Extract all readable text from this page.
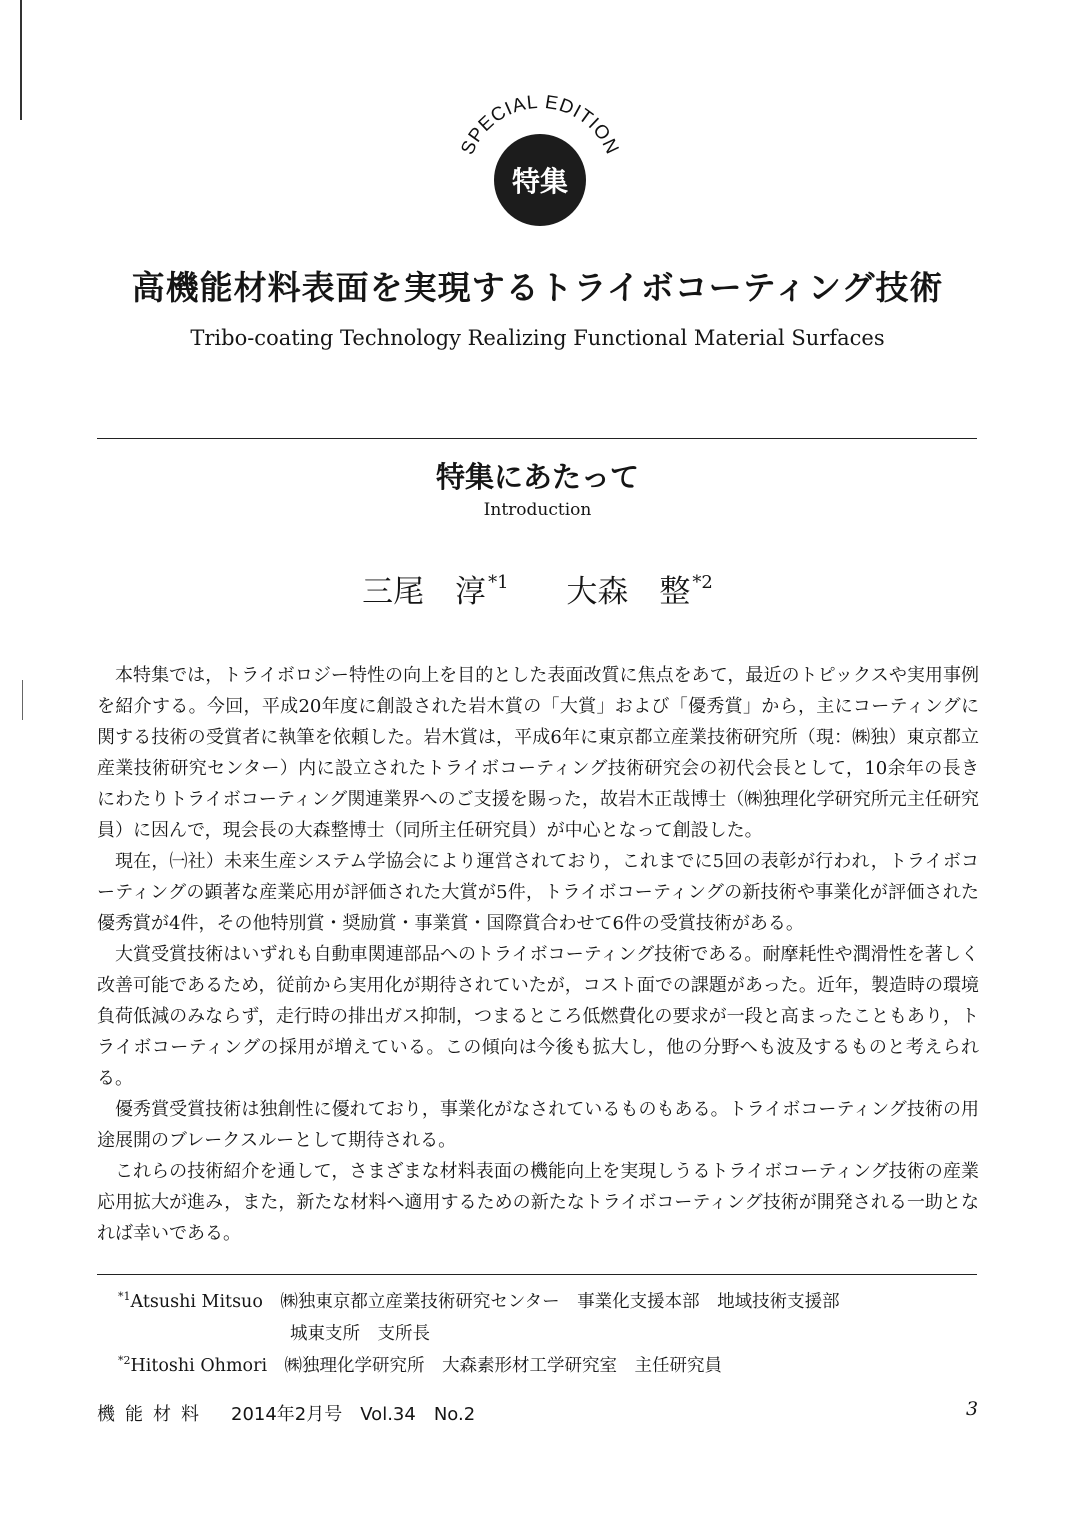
SPECIAL EDITION
特集
高機能材料表面を実現するトライボコーティング技術
Tribo-coating Technology Realizing Functional Material Surfaces
特集にあたって
Introduction
三尾　淳 $^{*1}$ 大森　整 $^{*2}$

本特集では，トライボロジー特性の向上を目的とした表面改質に焦点をあて，最近のトピックスや実用事例を紹介する。今回，平成20年度に創設された岩木賞の「大賞」および「優秀賞」から，主にコーティングに関する技術の受賞者に執筆を依頼した。岩木賞は，平成6年に東京都立産業技術研究所（現：㈱独）東京都立産業技術研究センター）内に設立されたトライボコーティング技術研究会の初代会長として，10余年の長きにわたりトライボコーティング関連業界へのご支援を賜った，故岩木正哉博士（㈱独理化学研究所元主任研究員）に因んで，現会長の大森整博士（同所主任研究員）が中心となって創設した。

現在，㈠社）未来生産システム学協会により運営されており，これまでに5回の表彰が行われ，トライボコーティングの顕著な産業応用が評価された大賞が5件，トライボコーティングの新技術や事業化が評価された優秀賞が4件，その他特別賞・奨励賞・事業賞・国際賞合わせて6件の受賞技術がある。

大賞受賞技術はいずれも自動車関連部品へのトライボコーティング技術である。耐摩耗性や潤滑性を著しく改善可能であるため，従前から実用化が期待されていたが，コスト面での課題があった。近年，製造時の環境負荷低減のみならず，走行時の排出ガス抑制，つまるところ低燃費化の要求が一段と高まったこともあり，トライボコーティングの採用が増えている。この傾向は今後も拡大し，他の分野へも波及するものと考えられる。

優秀賞受賞技術は独創性に優れており，事業化がなされているものもある。トライボコーティング技術の用途展開のブレークスルーとして期待される。

これらの技術紹介を通して，さまざまな材料表面の機能向上を実現しうるトライボコーティング技術の産業応用拡大が進み，また，新たな材料へ適用するための新たなトライボコーティング技術が開発される一助となれば幸いである。

$^{*1}$Atsushi Mitsuo　㈱独東京都立産業技術研究センター　事業化支援本部　地域技術支援部
城東支所　支所長
$^{*2}$Hitoshi Ohmori　㈱独理化学研究所　大森素形材工学研究室　主任研究員
機能材料 2014年2月号　Vol.34　No.2	3
